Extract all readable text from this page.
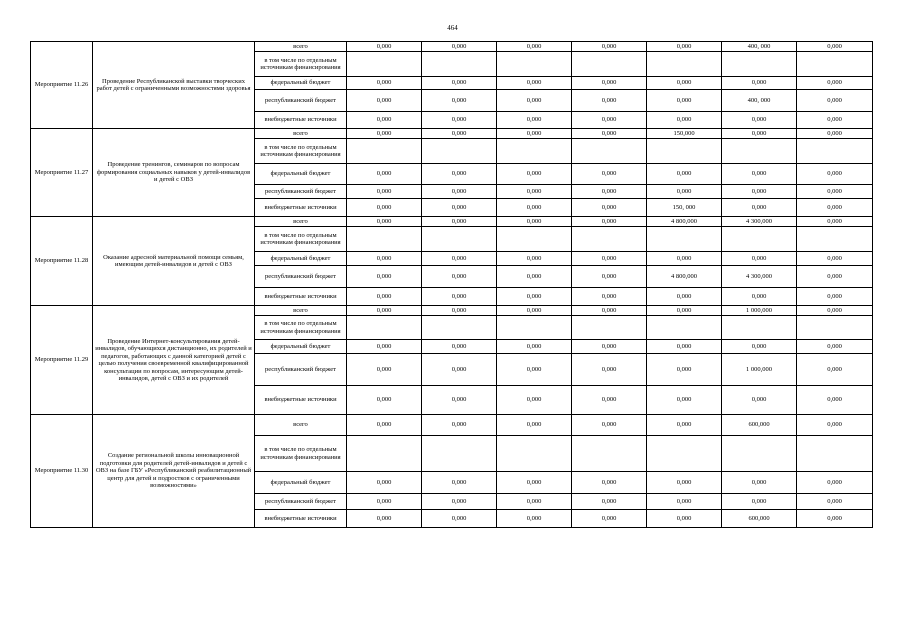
464
Мероприятие 11.26	Проведение Республиканской выставки творческих работ детей с ограниченными возможностями здоровья	всего	0,000	0,000	0,000	0,000	0,000	400, 000	0,000
		в том числе по отдельным источникам финансирования							
		федеральный бюджет	0,000	0,000	0,000	0,000	0,000	0,000	0,000
		республиканский бюджет	0,000	0,000	0,000	0,000	0,000	400, 000	0,000
		внебюджетные источники	0,000	0,000	0,000	0,000	0,000	0,000	0,000
Мероприятие 11.27	Проведение тренингов, семинаров по вопросам формирования социальных навыков у детей-инвалидов и детей с ОВЗ	всего	0,000	0,000	0,000	0,000	150,000	0,000	0,000
		в том числе по отдельным источникам финансирования							
		федеральный бюджет	0,000	0,000	0,000	0,000	0,000	0,000	0,000
		республиканский бюджет	0,000	0,000	0,000	0,000	0,000	0,000	0,000
		внебюджетные источники	0,000	0,000	0,000	0,000	150, 000	0,000	0,000
Мероприятие 11.28	Оказание адресной материальной помощи семьям, имеющим детей-инвалидов и детей с ОВЗ	всего	0,000	0,000	0,000	0,000	4 800,000	4 300,000	0,000
		в том числе по отдельным источникам финансирования							
		федеральный бюджет	0,000	0,000	0,000	0,000	0,000	0,000	0,000
		республиканский бюджет	0,000	0,000	0,000	0,000	4 800,000	4 300,000	0,000
		внебюджетные источники	0,000	0,000	0,000	0,000	0,000	0,000	0,000
Мероприятие 11.29	Проведение Интернет-консультирования детей-инвалидов, обучающихся дистанционно, их родителей и педагогов, работающих с данной категорией детей с целью получения своевременной квалифицированной консультации по вопросам, интересующим детей-инвалидов, детей с ОВЗ и их родителей	всего	0,000	0,000	0,000	0,000	0,000	1 000,000	0,000
		в том числе по отдельным источникам финансирования							
		федеральный бюджет	0,000	0,000	0,000	0,000	0,000	0,000	0,000
		республиканский бюджет	0,000	0,000	0,000	0,000	0,000	1 000,000	0,000
		внебюджетные источники	0,000	0,000	0,000	0,000	0,000	0,000	0,000
Мероприятие 11.30	Создание региональной школы инновационной подготовки для родителей детей-инвалидов и детей с ОВЗ на базе ГБУ «Республиканский реабилитационный центр для детей и подростков с ограниченными возможностями»	всего	0,000	0,000	0,000	0,000	0,000	600,000	0,000
		в том числе по отдельным источникам финансирования							
		федеральный бюджет	0,000	0,000	0,000	0,000	0,000	0,000	0,000
		республиканский бюджет	0,000	0,000	0,000	0,000	0,000	0,000	0,000
		внебюджетные источники	0,000	0,000	0,000	0,000	0,000	600,000	0,000
